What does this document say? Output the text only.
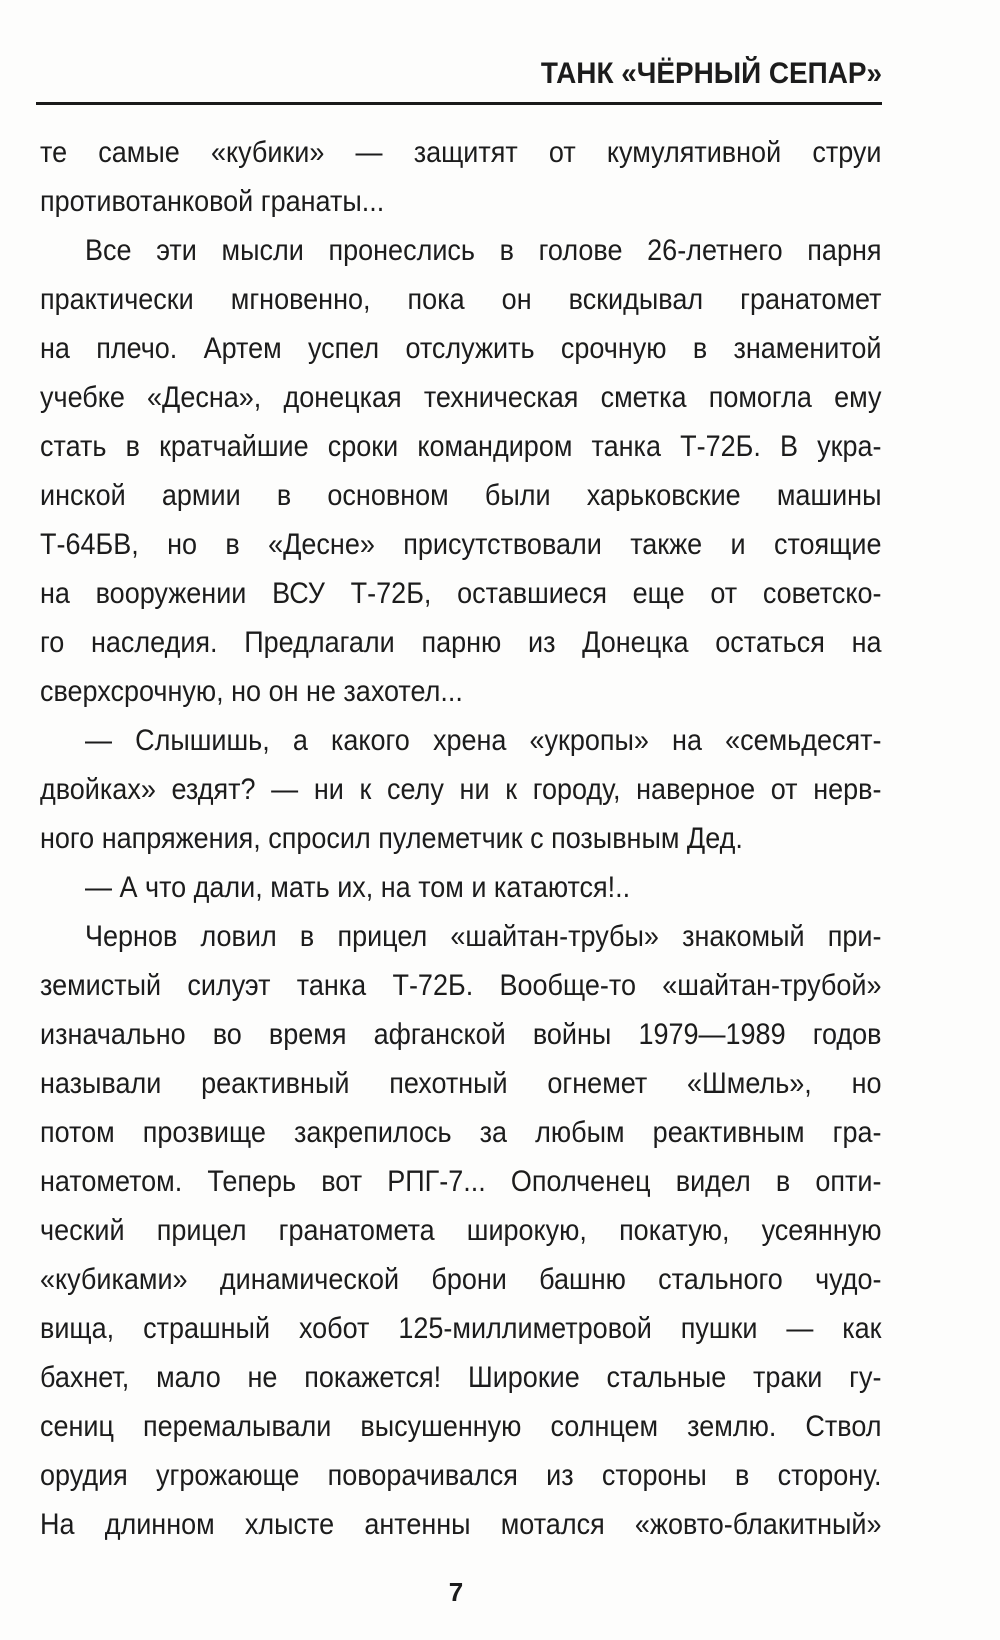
ТАНК «ЧЁРНЫЙ СЕПАР»
те самые «кубики» — защитят от кумулятивной струи
противотанковой гранаты...
Все эти мысли пронеслись в голове 26-летнего парня
практически мгновенно, пока он вскидывал гранатомет
на плечо. Артем успел отслужить срочную в знаменитой
учебке «Десна», донецкая техническая сметка помогла ему
стать в кратчайшие сроки командиром танка Т-72Б. В укра-
инской армии в основном были харьковские машины
Т-64БВ, но в «Десне» присутствовали также и стоящие
на вооружении ВСУ Т-72Б, оставшиеся еще от советско-
го наследия. Предлагали парню из Донецка остаться на
сверхсрочную, но он не захотел...
— Слышишь, а какого хрена «укропы» на «семьдесят-
двойках» ездят? — ни к селу ни к городу, наверное от нерв-
ного напряжения, спросил пулеметчик с позывным Дед.
— А что дали, мать их, на том и катаются!..
Чернов ловил в прицел «шайтан-трубы» знакомый при-
земистый силуэт танка Т-72Б. Вообще-то «шайтан-трубой»
изначально во время афганской войны 1979—1989 годов
называли реактивный пехотный огнемет «Шмель», но
потом прозвище закрепилось за любым реактивным гра-
натометом. Теперь вот РПГ-7... Ополченец видел в опти-
ческий прицел гранатомета широкую, покатую, усеянную
«кубиками» динамической брони башню стального чудо-
вища, страшный хобот 125-миллиметровой пушки — как
бахнет, мало не покажется! Широкие стальные траки гу-
сениц перемалывали высушенную солнцем землю. Ствол
орудия угрожающе поворачивался из стороны в сторону.
На длинном хлысте антенны мотался «жовто-блакитный»
7
